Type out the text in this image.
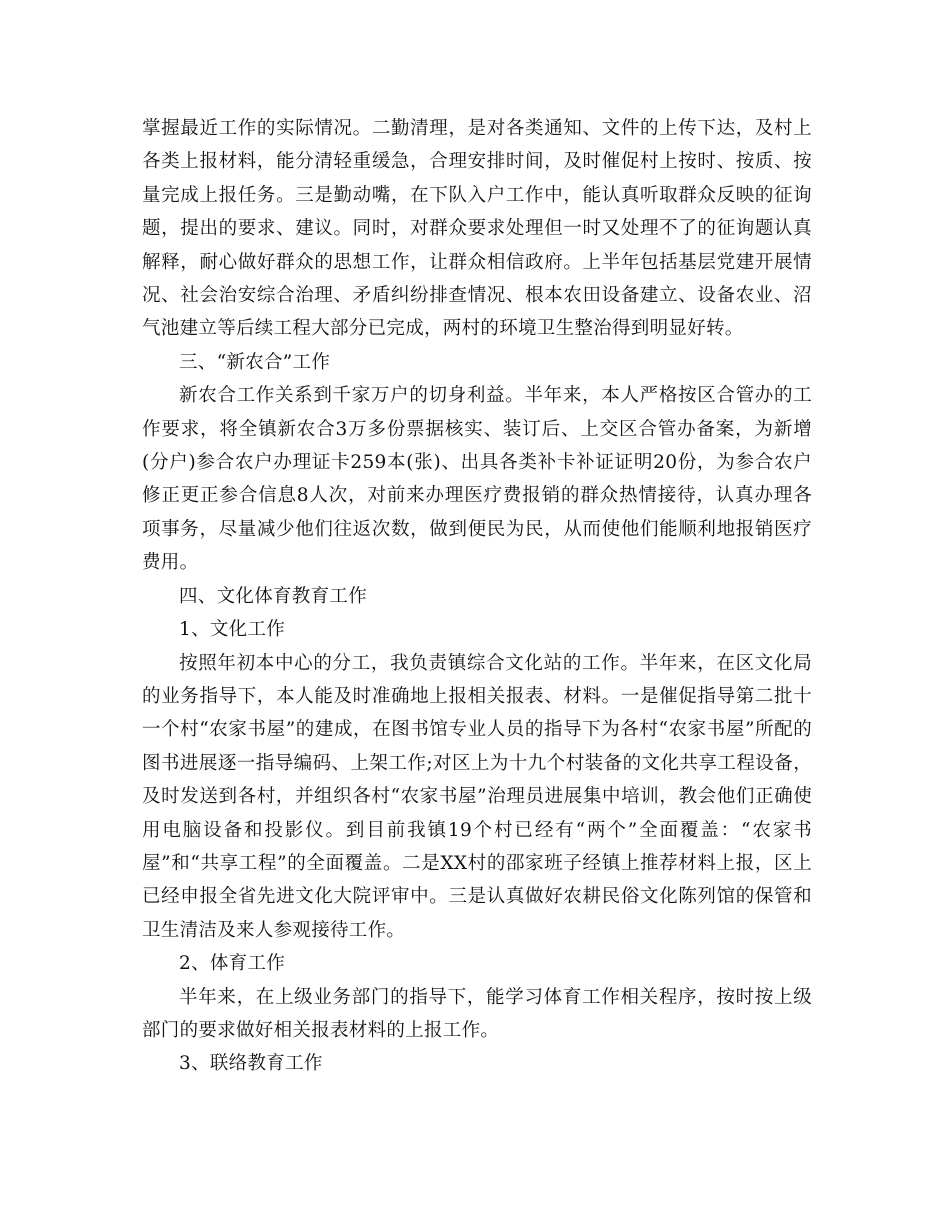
掌握最近工作的实际情况。二勤清理，是对各类通知、文件的上传下达，及村上各类上报材料，能分清轻重缓急，合理安排时间，及时催促村上按时、按质、按量完成上报任务。三是勤动嘴，在下队入户工作中，能认真听取群众反映的征询题，提出的要求、建议。同时，对群众要求处理但一时又处理不了的征询题认真解释，耐心做好群众的思想工作，让群众相信政府。上半年包括基层党建开展情况、社会治安综合治理、矛盾纠纷排查情况、根本农田设备建立、设备农业、沼气池建立等后续工程大部分已完成，两村的环境卫生整治得到明显好转。

三、“新农合”工作

新农合工作关系到千家万户的切身利益。半年来，本人严格按区合管办的工作要求，将全镇新农合3万多份票据核实、装订后、上交区合管办备案，为新增(分户)参合农户办理证卡259本(张)、出具各类补卡补证证明20份，为参合农户修正更正参合信息8人次，对前来办理医疗费报销的群众热情接待，认真办理各项事务，尽量减少他们往返次数，做到便民为民，从而使他们能顺利地报销医疗费用。

四、文化体育教育工作

1、文化工作

按照年初本中心的分工，我负责镇综合文化站的工作。半年来，在区文化局的业务指导下，本人能及时准确地上报相关报表、材料。一是催促指导第二批十一个村“农家书屋”的建成，在图书馆专业人员的指导下为各村“农家书屋”所配的图书进展逐一指导编码、上架工作;对区上为十九个村装备的文化共享工程设备，及时发送到各村，并组织各村“农家书屋”治理员进展集中培训，教会他们正确使用电脑设备和投影仪。到目前我镇19个村已经有“两个”全面覆盖：“农家书屋”和“共享工程”的全面覆盖。二是XX村的邵家班子经镇上推荐材料上报，区上已经申报全省先进文化大院评审中。三是认真做好农耕民俗文化陈列馆的保管和卫生清洁及来人参观接待工作。

2、体育工作

半年来，在上级业务部门的指导下，能学习体育工作相关程序，按时按上级部门的要求做好相关报表材料的上报工作。

3、联络教育工作
